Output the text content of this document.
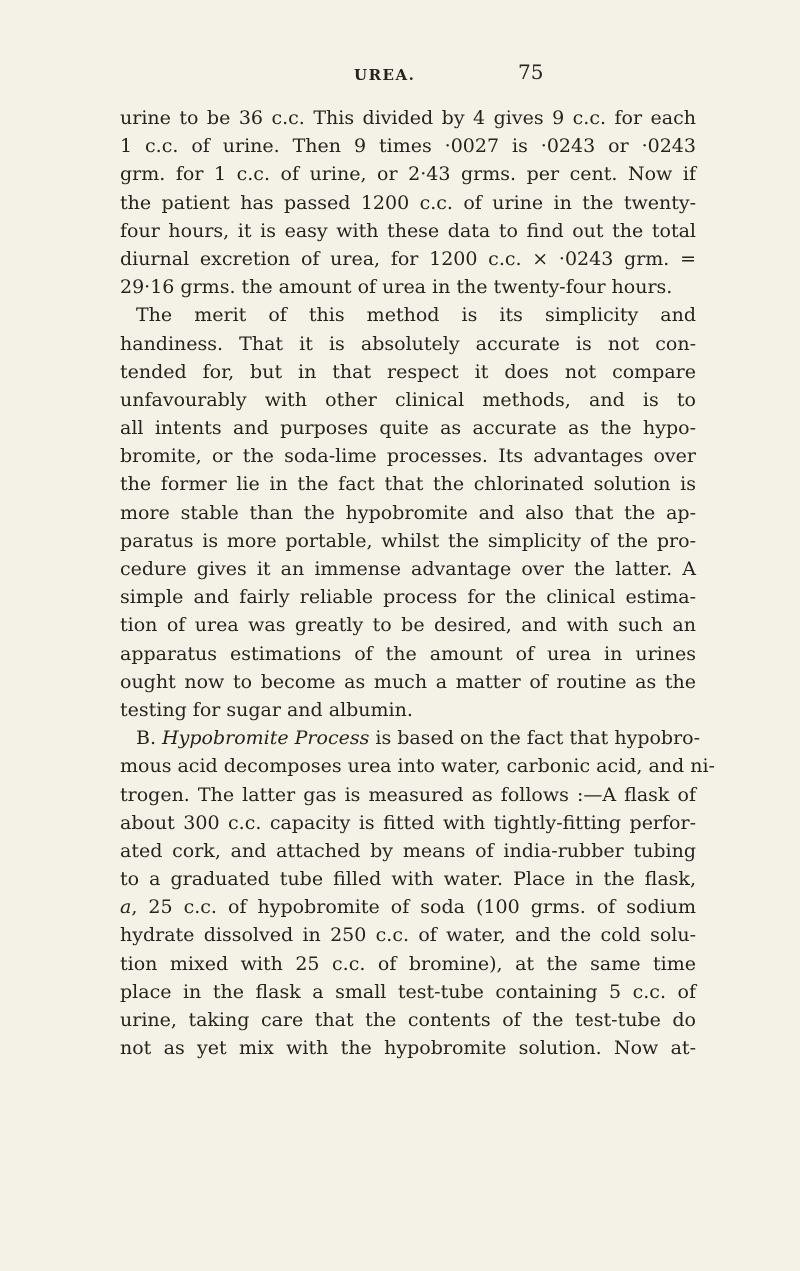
UREA.	75
urine to be 36 c.c. This divided by 4 gives 9 c.c. for each
1 c.c. of urine. Then 9 times ·0027 is ·0243 or ·0243
grm. for 1 c.c. of urine, or 2·43 grms. per cent. Now if
the patient has passed 1200 c.c. of urine in the twenty-
four hours, it is easy with these data to find out the total
diurnal excretion of urea, for 1200 c.c. × ·0243 grm. =
29·16 grms. the amount of urea in the twenty-four hours.
The merit of this method is its simplicity and
handiness. That it is absolutely accurate is not con-
tended for, but in that respect it does not compare
unfavourably with other clinical methods, and is to
all intents and purposes quite as accurate as the hypo-
bromite, or the soda-lime processes. Its advantages over
the former lie in the fact that the chlorinated solution is
more stable than the hypobromite and also that the ap-
paratus is more portable, whilst the simplicity of the pro-
cedure gives it an immense advantage over the latter. A
simple and fairly reliable process for the clinical estima-
tion of urea was greatly to be desired, and with such an
apparatus estimations of the amount of urea in urines
ought now to become as much a matter of routine as the
testing for sugar and albumin.
B. Hypobromite Process is based on the fact that hypobro-
mous acid decomposes urea into water, carbonic acid, and ni-
trogen. The latter gas is measured as follows :—A flask of
about 300 c.c. capacity is fitted with tightly-fitting perfor-
ated cork, and attached by means of india-rubber tubing
to a graduated tube filled with water. Place in the flask,
a, 25 c.c. of hypobromite of soda (100 grms. of sodium
hydrate dissolved in 250 c.c. of water, and the cold solu-
tion mixed with 25 c.c. of bromine), at the same time
place in the flask a small test-tube containing 5 c.c. of
urine, taking care that the contents of the test-tube do
not as yet mix with the hypobromite solution. Now at-
